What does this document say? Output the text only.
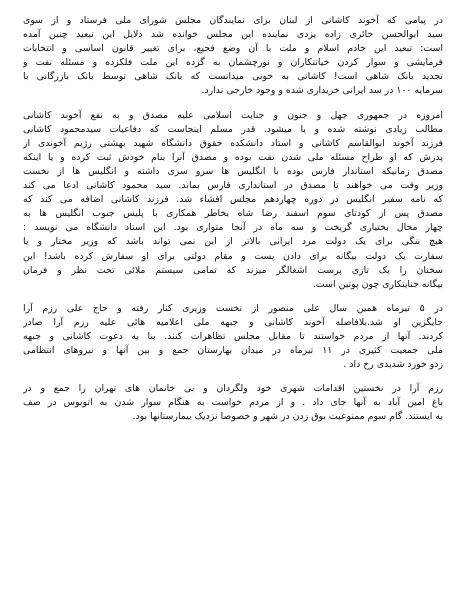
در پیامی که آخوند کاشانی از لبنان برای نمایندگان مجلس شورای ملی فرستاد و از سوی
سید ابوالحسن حائری زاده یزدی نماینده این مجلس خوانده شد دلایل این تبعید چنین آمده
است: تبعید این خادم اسلام و ملت با آن وضع فجیع، برای تغییر قانون اساسی و انتخابات
فرمایشی و سوار کردن خیانتکاران و نورچشمان به گرده این ملت فلکزده و مسئله نفت و
تجدید بانک شاهی است! کاشانی به خوبی میدانست که بانک شاهی توسط بانک بازرگانی با
سرمایه ۱۰۰ در سد ایرانی خریداری شده و وجود خارجی ندارد.
امروزه در جمهوری جهل و جنون و جنایت اسلامی علیه مصدق و به نفع آخوند کاشانی
مطالب زیادی نوشته شده و یا میشود. قدر مسلم اینجاست که دفاعیات سیدمحمود کاشانی
فرزند آخوند ابوالقاسم کاشانی و استاد دانشکده حقوق دانشگاه شهید بهشتی رژیم آخوندی از
پدرش که او طراح مسئله ملی شدن نفت بوده و مصدق آنرا بنام خودش ثبت کرده و یا اینکه
مصدق زمانیکه استاندار فارس بوده با انگلیس ها سرو سری داشته و انگلیس ها از نخست
وزیر وقت می خواهند تا مصدق در استانداری فارس بماند. سید محمود کاشانی ادعا می کند
که نامه سفیر انگلیس در دوره چهاردهم مجلس افشاء شد. فرزند کاشانی اضافه می کند که
مصدق پس از کودتای سوم اسفند رضا شاه بخاطر همکاری با پلیس جنوب انگلیس ها به
چهار محال بختیاری گریخت و سه ماه در آنجا متواری بود. این استاد دانشگاه می نویسد :
هیچ ننگی برای یک دولت مرد ایرانی بالاتر از این نمی تواند باشد که وزیر مختار و یا
سفارت یک دولت بیگانه برای دادن پست و مقام دولتی برای او سفارش کرده باشد! این
سخنان را یک تازی پرست اشغالگر میزند که تمامی سیستم ملائی تحت نظر و فرمان
بیگانه جنایتکاری چون پوتین است.
در ۵ تیرماه همین سال علی منصور از نخست وزیری کنار رفته و حاج علی رزم آرا
جایگزین او شد.بلافاصله آخوند کاشانی و جبهه ملی اعلامیه هائی علیه رزم آرا صادر
کردند. آنها از مردم خواستند تا مقابل مجلس تظاهرات کنند. بنا به دعوت کاشانی و جبهه
ملی جمعیت کثیری در ۱۱ تیرماه در میدان بهارستان جمع و بین آنها و نیروهای انتظامی
زدو خورد شدیدی رخ داد .
رزم آرا در نخستین اقدامات شهری خود ولگردان و بی خانمان های تهران را جمع و در
باغ امین آباد به آنها جای داد . و از مردم خواست به هنگام سوار شدن به اتوبوس در صف
به ایستند. گام سوم ممنوعیت بوق زدن در شهر و خصوصا نزدیک بیمارستانها بود.
